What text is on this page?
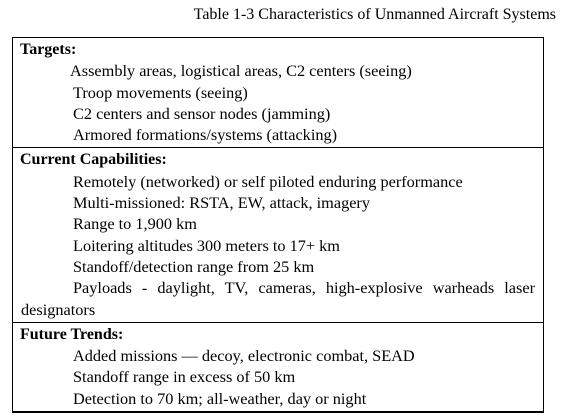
Table 1-3 Characteristics of Unmanned Aircraft Systems
Targets:
Assembly areas, logistical areas, C2 centers (seeing)
Troop movements (seeing)
C2 centers and sensor nodes (jamming)
Armored formations/systems (attacking)
Current Capabilities:
Remotely (networked) or self piloted enduring performance
Multi-missioned: RSTA, EW, attack, imagery
Range to 1,900 km
Loitering altitudes 300 meters to 17+ km
Standoff/detection range from 25 km
Payloads - daylight, TV, cameras, high-explosive warheads laser designators
Future Trends:
Added missions — decoy, electronic combat, SEAD
Standoff range in excess of 50 km
Detection to 70 km; all-weather, day or night
